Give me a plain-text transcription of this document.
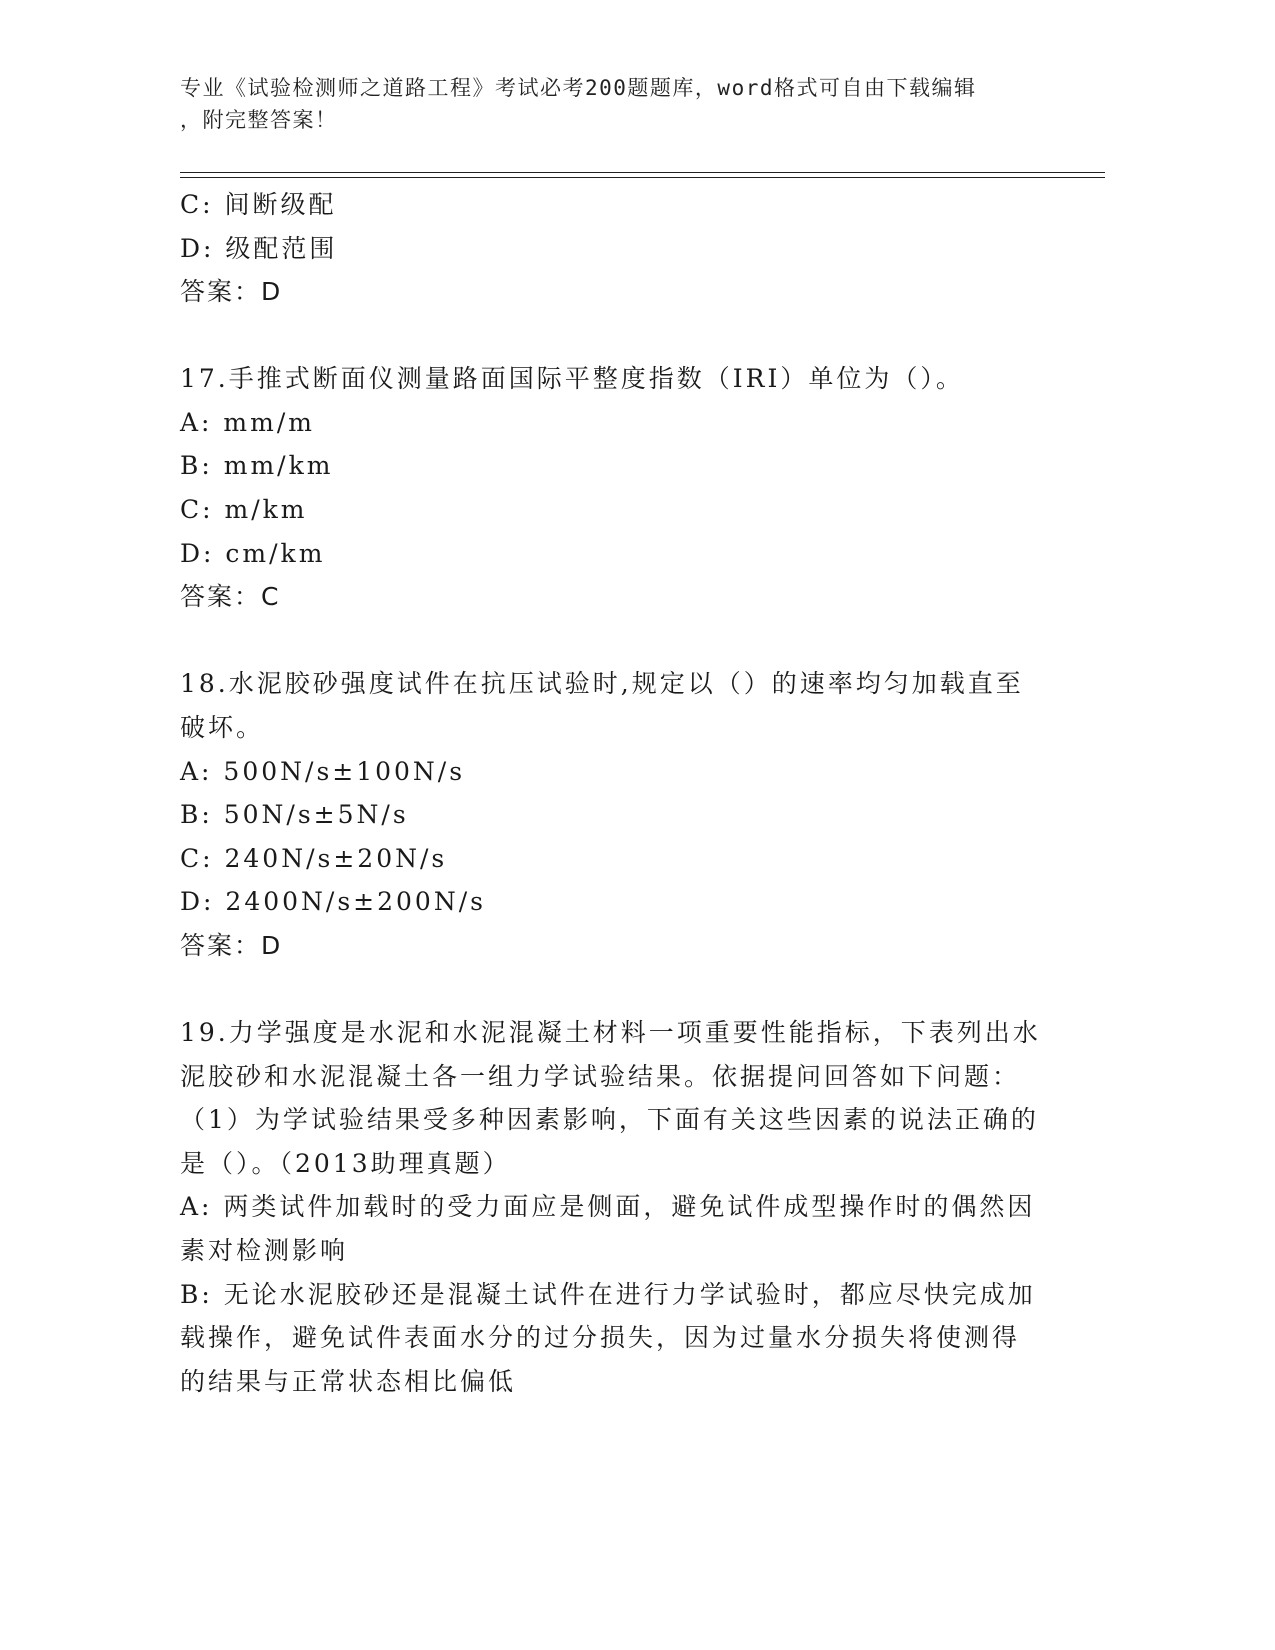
专业《试验检测师之道路工程》考试必考200题题库，word格式可自由下载编辑

，附完整答案！

C: 间断级配
D: 级配范围
答案：D
17.手推式断面仪测量路面国际平整度指数（IRI）单位为（）。
A: mm/m
B: mm/km
C: m/km
D: cm/km
答案：C
18.水泥胶砂强度试件在抗压试验时,规定以（）的速率均匀加载直至
破坏。
A: 500N/s±100N/s
B: 50N/s±5N/s
C: 240N/s±20N/s
D: 2400N/s±200N/s
答案：D
19.力学强度是水泥和水泥混凝土材料一项重要性能指标，下表列出水
泥胶砂和水泥混凝土各一组力学试验结果。依据提问回答如下问题：
（1）为学试验结果受多种因素影响，下面有关这些因素的说法正确的
是（）。（2013助理真题）
A: 两类试件加载时的受力面应是侧面，避免试件成型操作时的偶然因
素对检测影响
B: 无论水泥胶砂还是混凝土试件在进行力学试验时，都应尽快完成加
载操作，避免试件表面水分的过分损失，因为过量水分损失将使测得
的结果与正常状态相比偏低
